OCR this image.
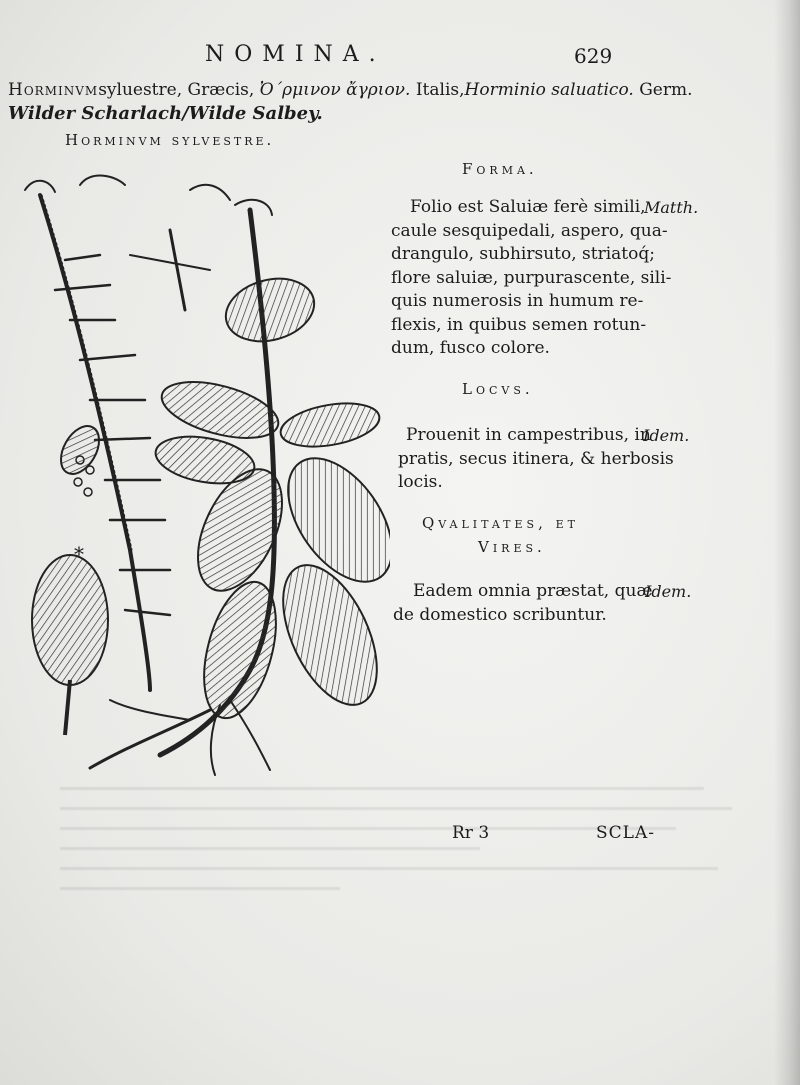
NOMINA.	629
Horminvmsyluestre, Græcis, Ὀ΄ρμινον ἄγριον. Italis,Horminio saluatico. Germ.
Wilder Scharlach/Wilde Salbey.
Horminvm sylvestre.
*
Forma.
Folio est Saluiæ ferè simili,
caule sesquipedali, aspero, qua-
drangulo, subhirsuto, striatoq́;
flore saluiæ, purpurascente, sili-
quis numerosis in humum re-
flexis, in quibus semen rotun-
dum, fusco colore.
Matth.
Locvs.
Prouenit in campestribus, in
pratis, secus itinera, & herbosis
locis.
Idem.
Qvalitates, et
Vires.
Eadem omnia præstat, quæ
de domestico scribuntur.
Idem.
Rr 3	SCLA-
